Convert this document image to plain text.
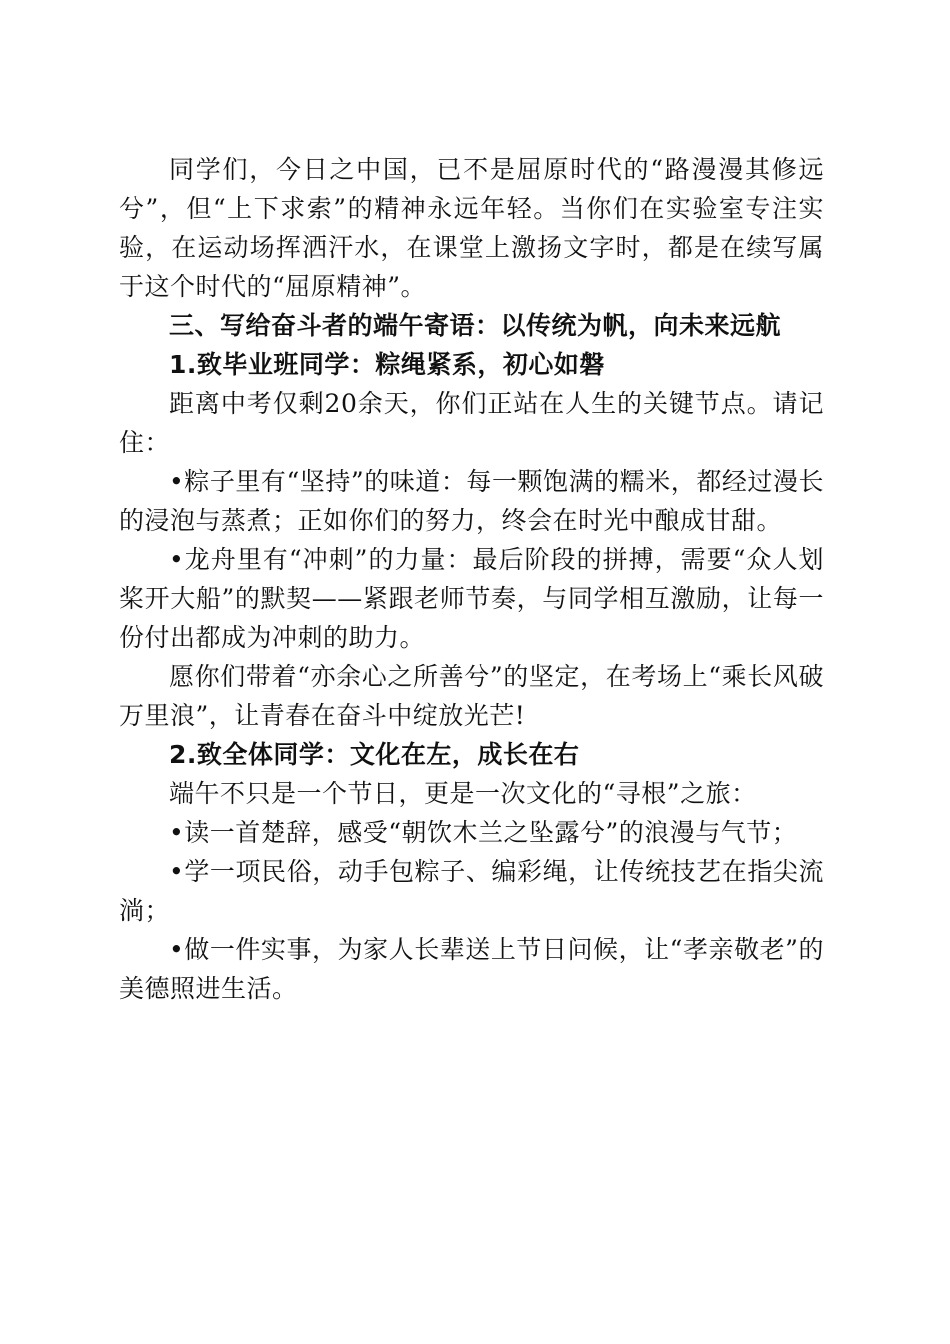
同学们，今日之中国，已不是屈原时代的“路漫漫其修远兮”，但“上下求索”的精神永远年轻。当你们在实验室专注实验，在运动场挥洒汗水，在课堂上激扬文字时，都是在续写属于这个时代的“屈原精神”。

三、写给奋斗者的端午寄语：以传统为帆，向未来远航

1.致毕业班同学：粽绳紧系，初心如磐

距离中考仅剩20余天，你们正站在人生的关键节点。请记住：

•粽子里有“坚持”的味道：每一颗饱满的糯米，都经过漫长的浸泡与蒸煮；正如你们的努力，终会在时光中酿成甘甜。

•龙舟里有“冲刺”的力量：最后阶段的拼搏，需要“众人划桨开大船”的默契——紧跟老师节奏，与同学相互激励，让每一份付出都成为冲刺的助力。

愿你们带着“亦余心之所善兮”的坚定，在考场上“乘长风破万里浪”，让青春在奋斗中绽放光芒!

2.致全体同学：文化在左，成长在右

端午不只是一个节日，更是一次文化的“寻根”之旅：

•读一首楚辞，感受“朝饮木兰之坠露兮”的浪漫与气节；

•学一项民俗，动手包粽子、编彩绳，让传统技艺在指尖流淌；

•做一件实事，为家人长辈送上节日问候，让“孝亲敬老”的美德照进生活。
